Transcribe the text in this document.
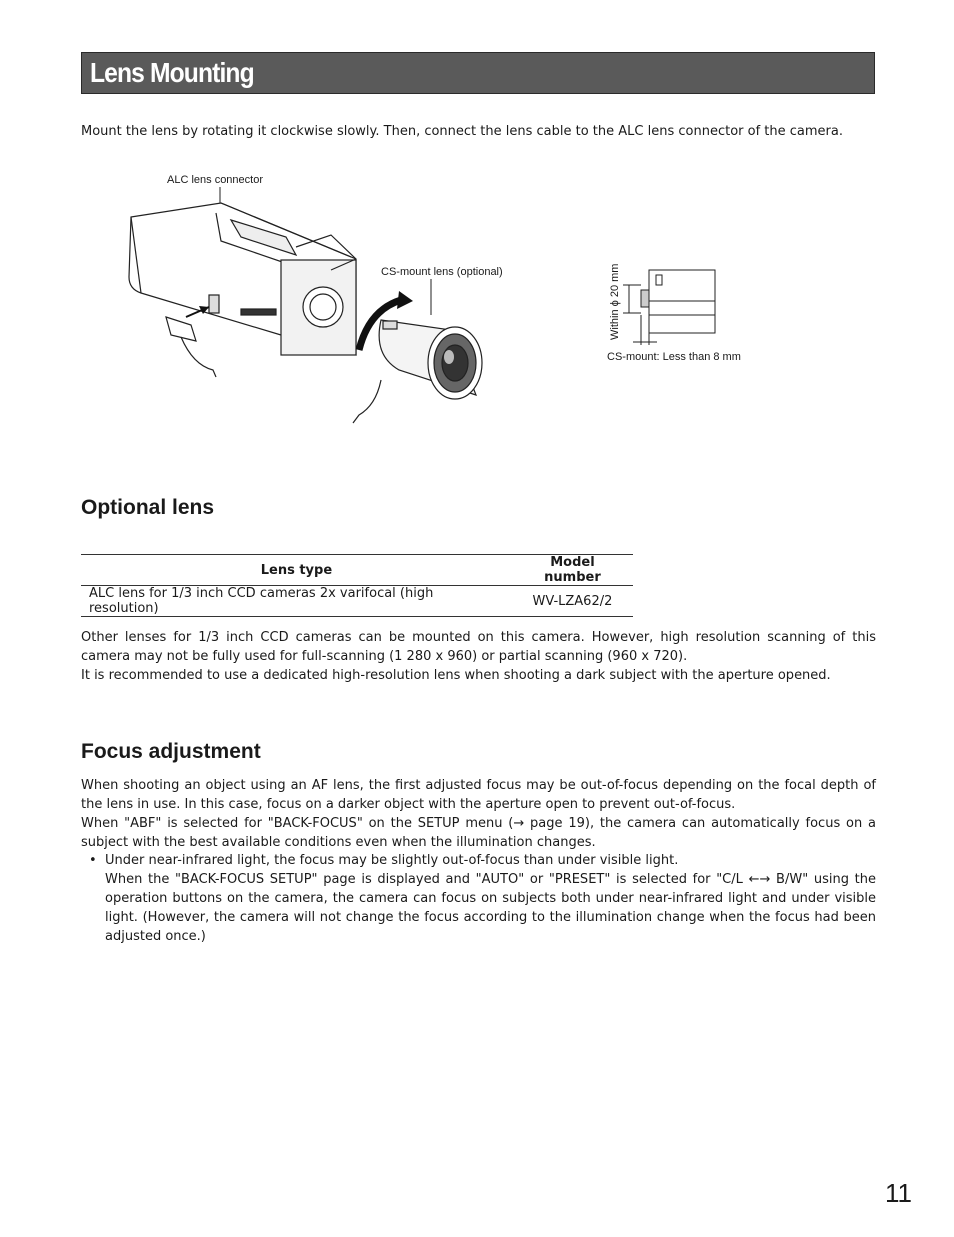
Lens Mounting

Mount the lens by rotating it clockwise slowly. Then, connect the lens cable to the ALC lens connector of the camera.

ALC lens connector
CS-mount lens (optional)	Within ϕ 20 mm
CS-mount: Less than 8 mm
Optional lens
Lens type	Model number
ALC lens for 1/3 inch CCD cameras 2x varifocal (high resolution)	WV-LZA62/2
Other lenses for 1/3 inch CCD cameras can be mounted on this camera. However, high resolution scanning of this camera may not be fully used for full-scanning (1 280 x 960) or partial scanning (960 x 720).
It is recommended to use a dedicated high-resolution lens when shooting a dark subject with the aperture opened.
Focus adjustment
When shooting an object using an AF lens, the first adjusted focus may be out-of-focus depending on the focal depth of the lens in use. In this case, focus on a darker object with the aperture open to prevent out-of-focus.
When "ABF" is selected for "BACK-FOCUS" on the SETUP menu (→ page 19), the camera can automatically focus on a subject with the best available conditions even when the illumination changes.
• Under near-infrared light, the focus may be slightly out-of-focus than under visible light.
When the "BACK-FOCUS SETUP" page is displayed and "AUTO" or "PRESET" is selected for "C/L ←→ B/W" using the operation buttons on the camera, the camera can focus on subjects both under near-infrared light and under visible light. (However, the camera will not change the focus according to the illumination change when the focus had been adjusted once.)
11
